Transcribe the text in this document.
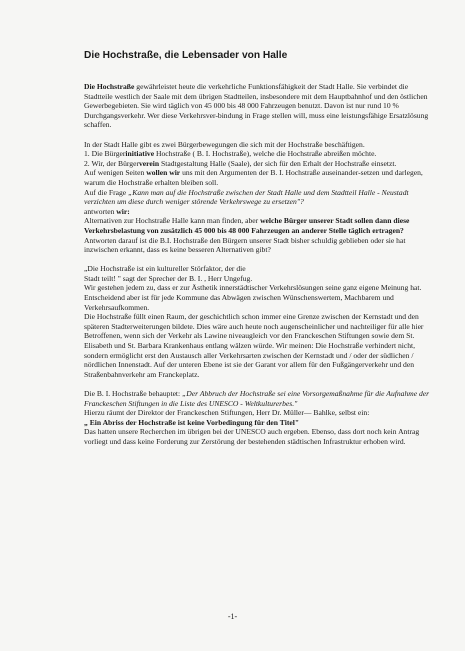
Die Hochstraße, die Lebensader von Halle

Die Hochstraße gewährleistet heute die verkehrliche Funktionsfähigkeit der Stadt Halle. Sie verbindet die Stadtteile westlich der Saale mit dem übrigen Stadtteilen, insbesondere mit dem Hauptbahnhof und den östlichen Gewerbegebieten. Sie wird täglich von 45 000 bis 48 000 Fahrzeugen benutzt. Davon ist nur rund 10 % Durchgangsverkehr. Wer diese Verkehrsver-bindung in Frage stellen will, muss eine leistungsfähige Ersatzlösung schaffen.

In der Stadt Halle gibt es zwei Bürgerbewegungen die sich mit der Hochstraße beschäftigen.

1. Die Bürgerinitiative Hochstraße ( B. I. Hochstraße), welche die Hochstraße abreißen möchte.

2. Wir, der Bürgerverein Stadtgestaltung Halle (Saale), der sich für den Erhalt der Hochstraße einsetzt.

Auf wenigen Seiten wollen wir uns mit den Argumenten der B. I. Hochstraße auseinander-setzen und darlegen, warum die Hochstraße erhalten bleiben soll.

Auf die Frage „Kann man auf die Hochstraße zwischen der Stadt Halle und dem Stadtteil Halle - Neustadt verzichten um diese durch weniger störende Verkehrswege zu ersetzen"?

antworten wir:

Alternativen zur Hochstraße Halle kann man finden, aber welche Bürger unserer Stadt sollen dann diese Verkehrsbelastung von zusätzlich 45 000 bis 48 000 Fahrzeugen an anderer Stelle täglich ertragen?

Antworten darauf ist die B.I. Hochstraße den Bürgern unserer Stadt bisher schuldig geblieben oder sie hat inzwischen erkannt, dass es keine besseren Alternativen gibt?

„Die Hochstraße ist ein kultureller Störfaktor, der die

Stadt teilt! " sagt der Sprecher der B. I. , Herr Ungefug.

Wir gestehen jedem zu, dass er zur Ästhetik innerstädtischer Verkehrslösungen seine ganz eigene Meinung hat. Entscheidend aber ist für jede Kommune das Abwägen zwischen Wünschenswertem, Machbarem und Verkehrsaufkommen.

Die Hochstraße füllt einen Raum, der geschichtlich schon immer eine Grenze zwischen der Kernstadt und den späteren Stadterweiterungen bildete. Dies wäre auch heute noch augenscheinlicher und nachteiliger für alle hier Betroffenen, wenn sich der Verkehr als Lawine niveaugleich vor den Franckeschen Stiftungen sowie dem St. Elisabeth und St. Barbara Krankenhaus entlang wälzen würde. Wir meinen: Die Hochstraße verhindert nicht, sondern ermöglicht erst den Austausch aller Verkehrsarten zwischen der Kernstadt und / oder der südlichen / nördlichen Innenstadt. Auf der unteren Ebene ist sie der Garant vor allem für den Fußgängerverkehr und den Straßenbahnverkehr am Franckeplatz.

Die B. I. Hochstraße behauptet: „Der Abbruch der Hochstraße sei eine Vorsorgemaßnahme für die Aufnahme der Franckeschen Stiftungen in die Liste des UNESCO - Weltkulturerbes."

Hierzu räumt der Direktor der Franckeschen Stiftungen, Herr Dr. Müller— Bahlke, selbst ein:

„ Ein Abriss der Hochstraße ist keine Vorbedingung für den Titel"

Das hatten unsere Recherchen im übrigen bei der UNESCO auch ergeben. Ebenso, dass dort noch kein Antrag vorliegt und dass keine Forderung zur Zerstörung der bestehenden städtischen Infrastruktur erhoben wird.

-1-
